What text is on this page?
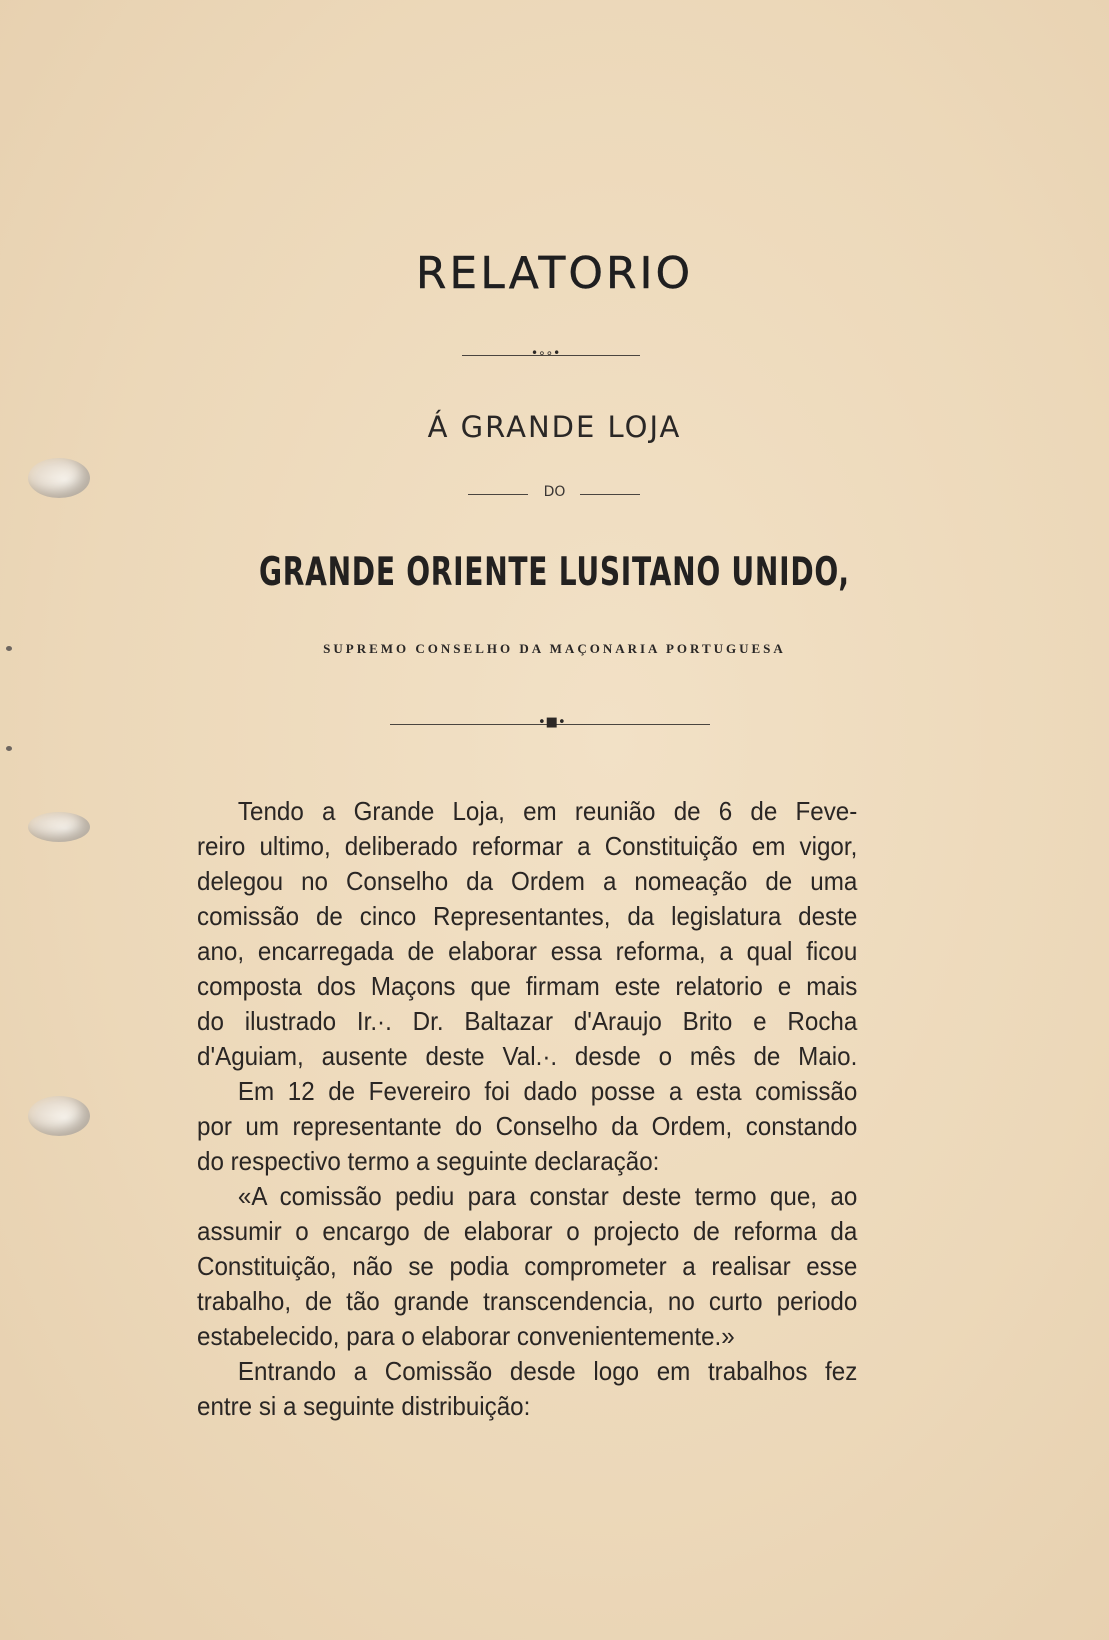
RELATORIO
•∘∘•
Á GRANDE LOJA
DO
GRANDE ORIENTE LUSITANO UNIDO,
SUPREMO CONSELHO DA MAÇONARIA PORTUGUESA
•■•

Tendo a Grande Loja, em reunião de 6 de Feve-

reiro ultimo, deliberado reformar a Constituição em vigor,

delegou no Conselho da Ordem a nomeação de uma

comissão de cinco Representantes, da legislatura deste

ano, encarregada de elaborar essa reforma, a qual ficou

composta dos Maçons que firmam este relatorio e mais

do ilustrado Ir.·. Dr. Baltazar d'Araujo Brito e Rocha

d'Aguiam, ausente deste Val.·. desde o mês de Maio.

Em 12 de Fevereiro foi dado posse a esta comissão

por um representante do Conselho da Ordem, constando

do respectivo termo a seguinte declaração:

«A comissão pediu para constar deste termo que, ao

assumir o encargo de elaborar o projecto de reforma da

Constituição, não se podia comprometer a realisar esse

trabalho, de tão grande transcendencia, no curto periodo

estabelecido, para o elaborar convenientemente.»

Entrando a Comissão desde logo em trabalhos fez

entre si a seguinte distribuição:
